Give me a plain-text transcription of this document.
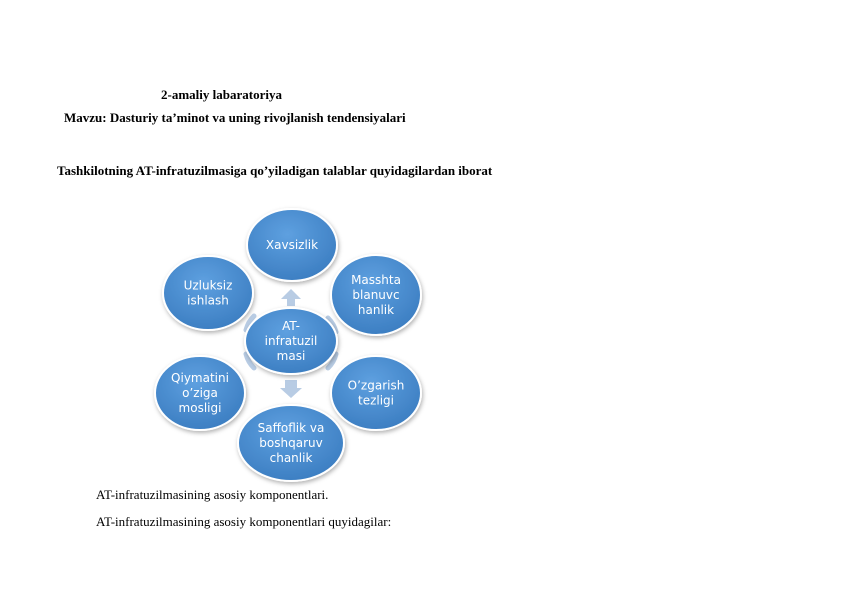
2-amaliy labaratoriya
Mavzu: Dasturiy ta’minot va uning rivojlanish tendensiyalari
Tashkilotning AT-infratuzilmasiga qo’yiladigan talablar quyidagilardan iborat
AT-
infratuzil
masi
Xavsizlik
Masshta
blanuvc
hanlik
O’zgarish
tezligi
Saffoflik va
boshqaruv
chanlik
Qiymatini
o’ziga
mosligi
Uzluksiz
ishlash
AT-infratuzilmasining asosiy komponentlari.
AT-infratuzilmasining asosiy komponentlari quyidagilar:
